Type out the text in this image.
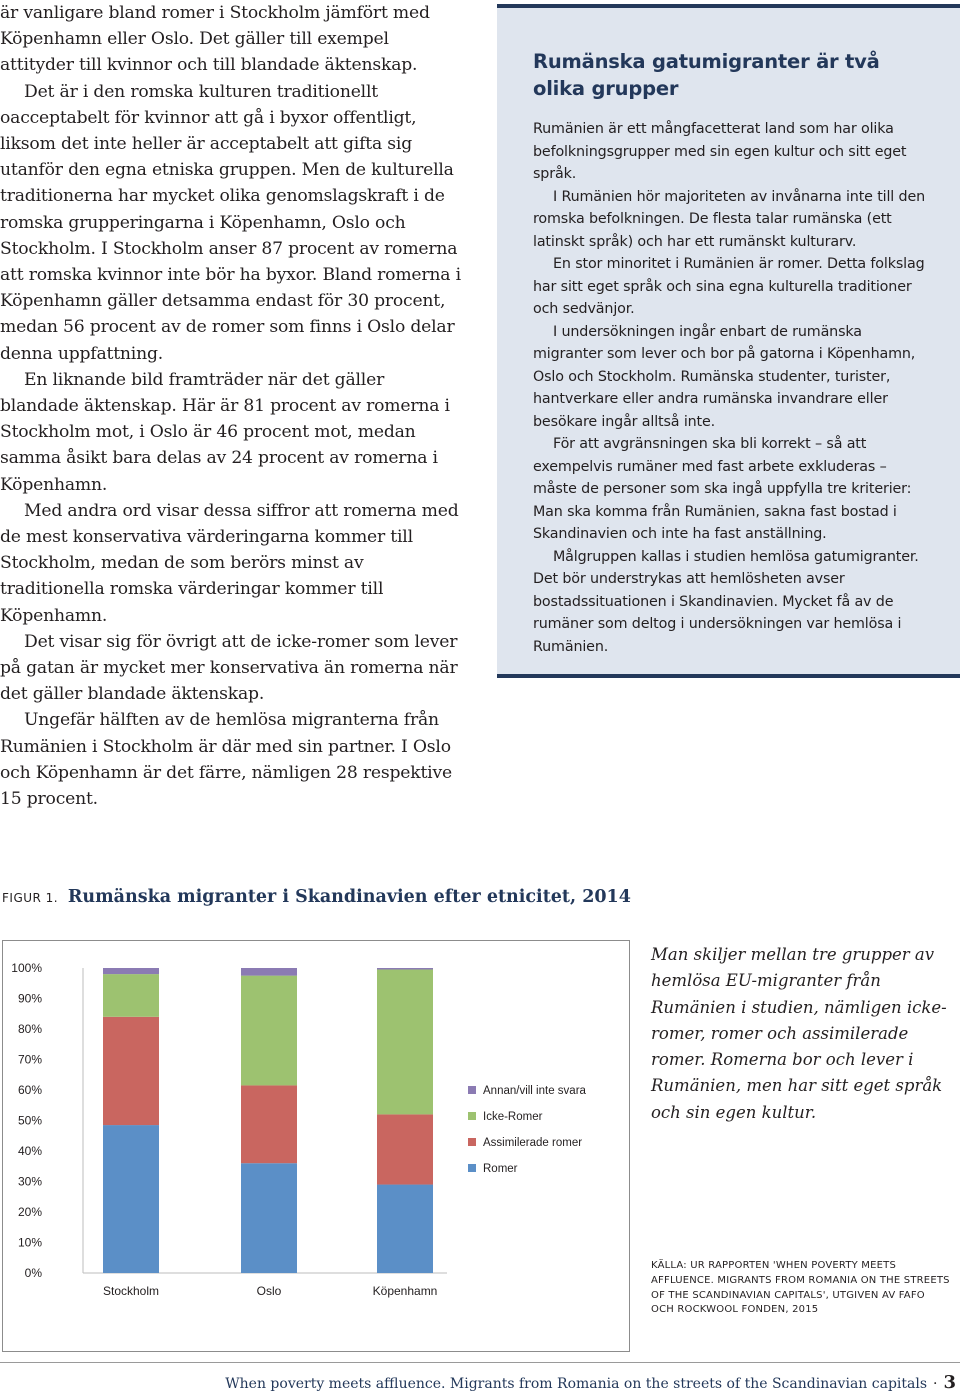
är vanligare bland romer i Stockholm jämfört med Köpenhamn eller Oslo. Det gäller till exempel attityder till kvinnor och till blandade äktenskap.

Det är i den romska kulturen traditionellt oacceptabelt för kvinnor att gå i byxor offentligt, liksom det inte heller är acceptabelt att gifta sig utanför den egna etniska gruppen. Men de kulturella traditionerna har mycket olika genomslagskraft i de romska grupperingarna i Köpenhamn, Oslo och Stockholm. I Stockholm anser 87 procent av romerna att romska kvinnor inte bör ha byxor. Bland romerna i Köpenhamn gäller detsamma endast för 30 procent, medan 56 procent av de romer som finns i Oslo delar denna uppfattning.

En liknande bild framträder när det gäller blandade äktenskap. Här är 81 procent av romerna i Stockholm mot, i Oslo är 46 procent mot, medan samma åsikt bara delas av 24 procent av romerna i Köpenhamn.

Med andra ord visar dessa siffror att romerna med de mest konservativa värderingarna kommer till Stockholm, medan de som berörs minst av traditionella romska värderingar kommer till Köpenhamn.

Det visar sig för övrigt att de icke-romer som lever på gatan är mycket mer konservativa än romerna när det gäller blandade äktenskap.

Ungefär hälften av de hemlösa migranterna från Rumänien i Stockholm är där med sin partner. I Oslo och Köpenhamn är det färre, nämligen 28 respektive 15 procent.

Rumänska gatumigranter är två olika grupper

Rumänien är ett mångfacetterat land som har olika befolkningsgrupper med sin egen kultur och sitt eget språk.

I Rumänien hör majoriteten av invånarna inte till den romska befolkningen. De flesta talar rumänska (ett latinskt språk) och har ett rumänskt kulturarv.

En stor minoritet i Rumänien är romer. Detta folkslag har sitt eget språk och sina egna kulturella traditioner och sedvänjor.

I undersökningen ingår enbart de rumänska migranter som lever och bor på gatorna i Köpenhamn, Oslo och Stockholm. Rumänska studenter, turister, hantverkare eller andra rumänska invandrare eller besökare ingår alltså inte.

För att avgränsningen ska bli korrekt – så att exempelvis rumäner med fast arbete exkluderas – måste de personer som ska ingå uppfylla tre kriterier: Man ska komma från Rumänien, sakna fast bostad i Skandinavien och inte ha fast anställning.

Målgruppen kallas i studien hemlösa gatumigranter. Det bör understrykas att hemlösheten avser bostadssituationen i Skandinavien. Mycket få av de rumäner som deltog i undersökningen var hemlösa i Rumänien.

FIGUR 1. Rumänska migranter i Skandinavien efter etnicitet, 2014
0%
10%
20%
30%
40%
50%
60%
70%
80%
90%
100%
Stockholm	Oslo	Köpenhamn
Annan/vill inte svara
Icke-Romer
Assimilerade romer
Romer
Man skiljer mellan tre grupper av hemlösa EU-migranter från Rumänien i studien, nämligen icke-romer, romer och assimilerade romer. Romerna bor och lever i Rumänien, men har sitt eget språk och sin egen kultur.
KÄLLA: UR RAPPORTEN 'WHEN POVERTY MEETS AFFLUENCE. MIGRANTS FROM ROMANIA ON THE STREETS OF THE SCANDINAVIAN CAPITALS', UTGIVEN AV FAFO OCH ROCKWOOL FONDEN, 2015
When poverty meets affluence. Migrants from Romania on the streets of the Scandinavian capitals · 3
